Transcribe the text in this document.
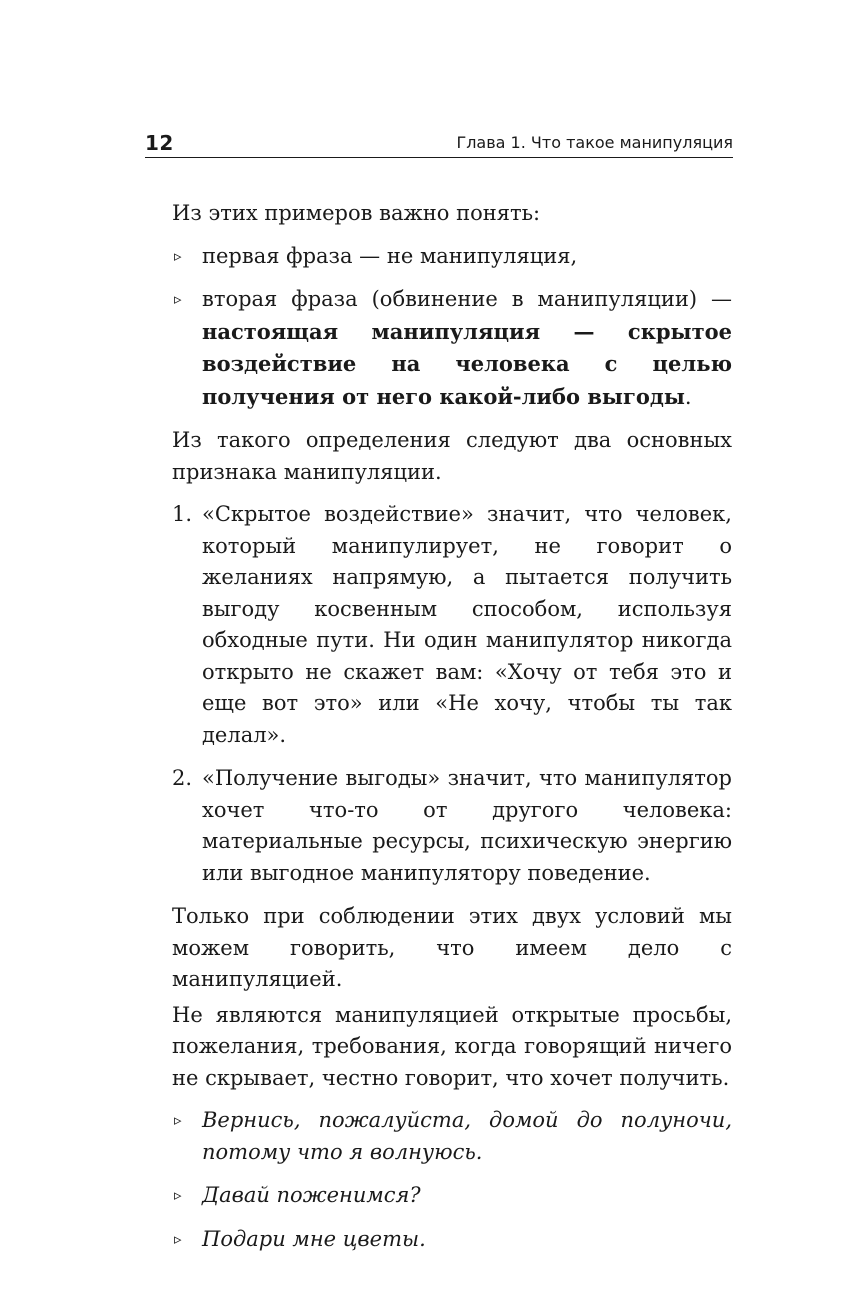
12	Глава 1. Что такое манипуляция

Из этих примеров важно понять:

▹ первая фраза — не манипуляция,

▹ вторая фраза (обвинение в манипуляции) — настоящая манипуляция — скрытое воздействие на человека с целью получения от него какой-либо выгоды.

Из такого определения следуют два основных признака манипуляции.

1. «Скрытое воздействие» значит, что человек, который манипулирует, не говорит о желаниях напрямую, а пытается получить выгоду косвенным способом, используя обходные пути. Ни один манипулятор никогда открыто не скажет вам: «Хочу от тебя это и еще вот это» или «Не хочу, чтобы ты так делал».

2. «Получение выгоды» значит, что манипулятор хочет что-то от другого человека: материальные ресурсы, психическую энергию или выгодное манипулятору поведение.

Только при соблюдении этих двух условий мы можем говорить, что имеем дело с манипуляцией.

Не являются манипуляцией открытые просьбы, пожелания, требования, когда говорящий ничего не скрывает, честно говорит, что хочет получить.

▹ Вернись, пожалуйста, домой до полуночи, потому что я волнуюсь.

▹ Давай поженимся?

▹ Подари мне цветы.
